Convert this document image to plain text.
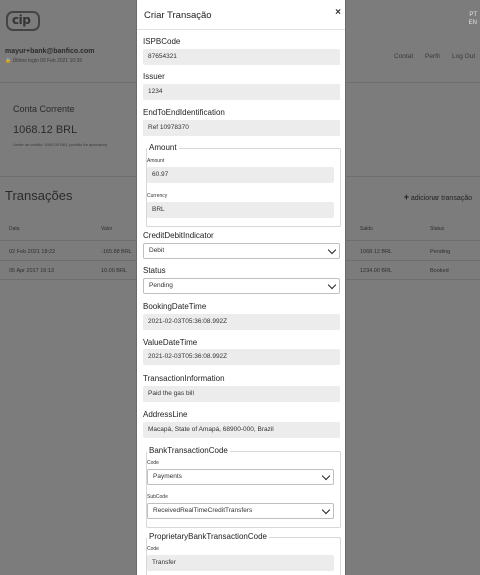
cip	PT
EN
mayur+bank@banfico.com
🔒 Último login 03 Feb 2021 10:35
Contat Perfil Log Out
Conta Corrente
1068.12 BRL
Limite de crédito: 1000.00 BRL (crédito thr aprovado)
Transações	+ adicionar transação
Data	Valor	Saldo	Status
02 Feb 2021 18:22	-165.88 BRL	1068.12 BRL	Pending
05 Apr 2017 16:13	10.00 BRL	1234.00 BRL	Booked
Criar Transação	×
ISPBCode
87654321
Issuer
1234
EndToEndIdentification
Ref 10978370
Amount
Amount
60.97
Currency
BRL
CreditDebitIndicator
Debit
Status
Pending
BookingDateTime
2021-02-03T05:36:08.992Z
ValueDateTime
2021-02-03T05:36:08.992Z
TransactionInformation
Paid the gas bill
AddressLine
Macapá, State of Amapá, 68900-000, Brazil
BankTransactionCode
Code
Payments
SubCode
ReceivedRealTimeCreditTransfers
ProprietaryBankTransactionCode
Code
Transfer
